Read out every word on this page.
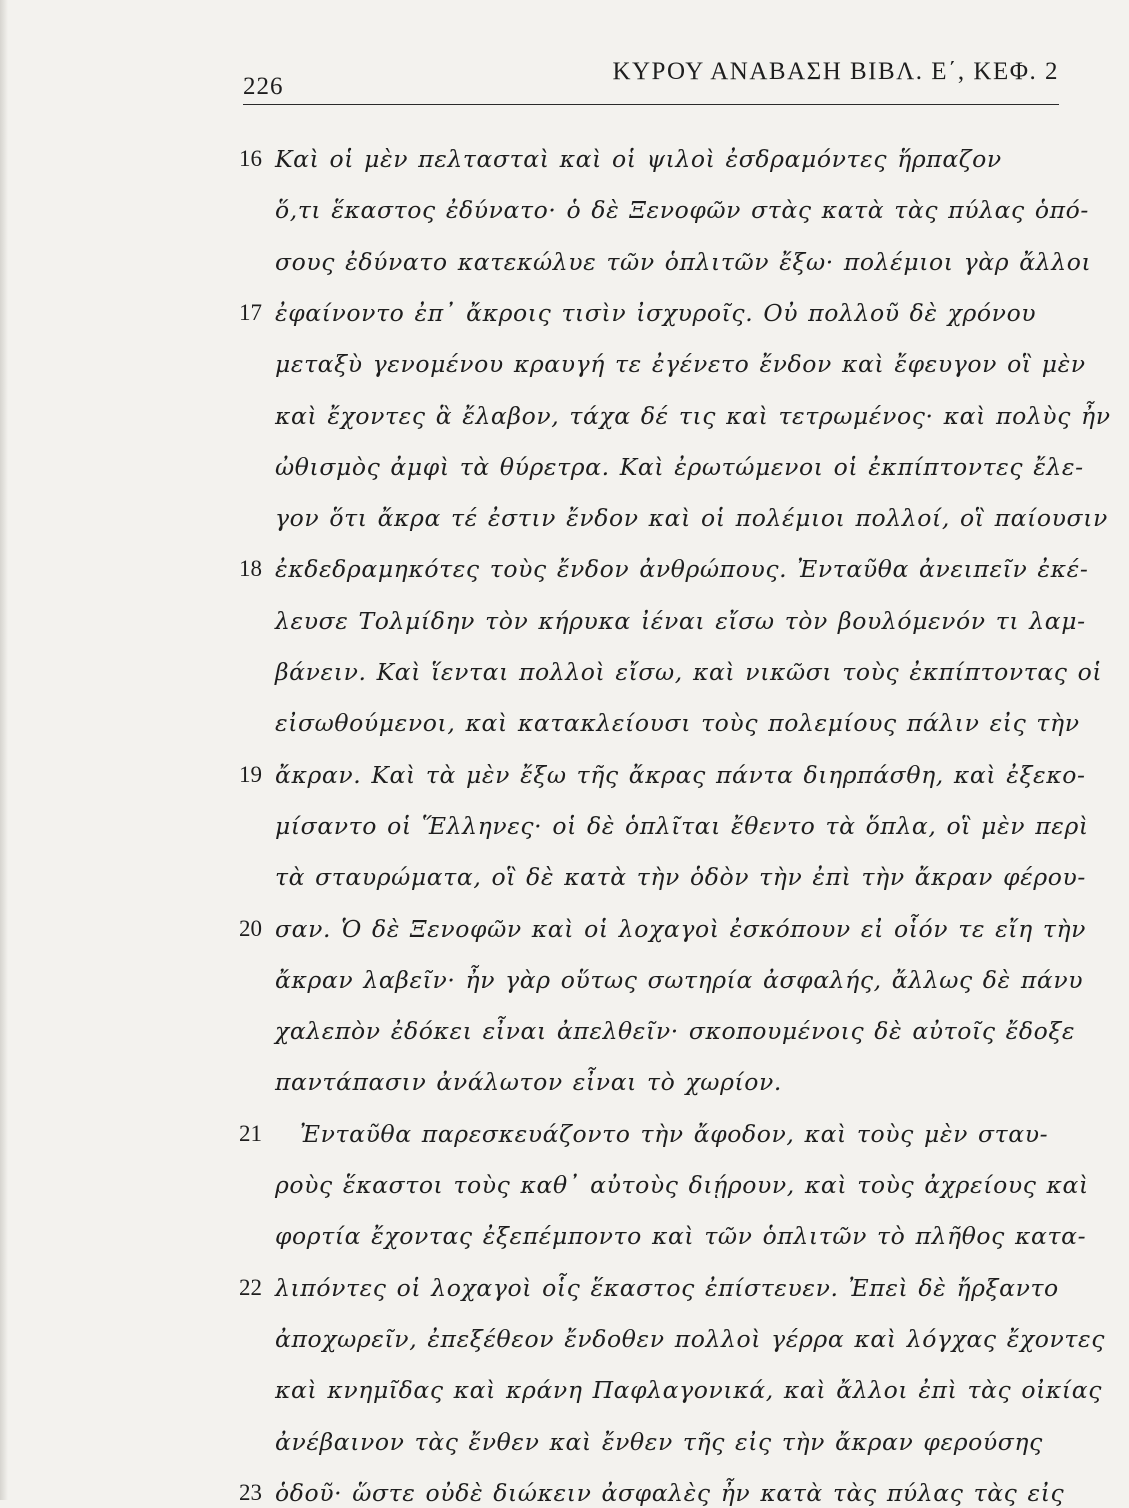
226
ΚΥΡΟΥ ΑΝΑΒΑΣΗ ΒΙΒΛ. Ε΄, ΚΕΦ. 2
16 Καὶ οἱ μὲν πελτασταὶ καὶ οἱ ψιλοὶ ἐσδραμόντες ἥρπαζον
ὅ,τι ἕκαστος ἐδύνατο· ὁ δὲ Ξενοφῶν στὰς κατὰ τὰς πύλας ὁπό-
σους ἐδύνατο κατεκώλυε τῶν ὁπλιτῶν ἔξω· πολέμιοι γὰρ ἄλλοι
17 ἐφαίνοντο ἐπ᾽ ἄκροις τισὶν ἰσχυροῖς. Οὐ πολλοῦ δὲ χρόνου
μεταξὺ γενομένου κραυγή τε ἐγένετο ἔνδον καὶ ἔφευγον οἳ μὲν
καὶ ἔχοντες ἃ ἔλαβον, τάχα δέ τις καὶ τετρωμένος· καὶ πολὺς ἦν
ὠθισμὸς ἀμφὶ τὰ θύρετρα. Καὶ ἐρωτώμενοι οἱ ἐκπίπτοντες ἔλε-
γον ὅτι ἄκρα τέ ἐστιν ἔνδον καὶ οἱ πολέμιοι πολλοί, οἳ παίουσιν
18 ἐκδεδραμηκότες τοὺς ἔνδον ἀνθρώπους. Ἐνταῦθα ἀνειπεῖν ἐκέ-
λευσε Τολμίδην τὸν κήρυκα ἰέναι εἴσω τὸν βουλόμενόν τι λαμ-
βάνειν. Καὶ ἵενται πολλοὶ εἴσω, καὶ νικῶσι τοὺς ἐκπίπτοντας οἱ
εἰσωθούμενοι, καὶ κατακλείουσι τοὺς πολεμίους πάλιν εἰς τὴν
19 ἄκραν. Καὶ τὰ μὲν ἔξω τῆς ἄκρας πάντα διηρπάσθη, καὶ ἐξεκο-
μίσαντο οἱ Ἕλληνες· οἱ δὲ ὁπλῖται ἔθεντο τὰ ὅπλα, οἳ μὲν περὶ
τὰ σταυρώματα, οἳ δὲ κατὰ τὴν ὁδὸν τὴν ἐπὶ τὴν ἄκραν φέρου-
20 σαν. Ὁ δὲ Ξενοφῶν καὶ οἱ λοχαγοὶ ἐσκόπουν εἰ οἷόν τε εἴη τὴν
ἄκραν λαβεῖν· ἦν γὰρ οὕτως σωτηρία ἀσφαλής, ἄλλως δὲ πάνυ
χαλεπὸν ἐδόκει εἶναι ἀπελθεῖν· σκοπουμένοις δὲ αὐτοῖς ἔδοξε
παντάπασιν ἀνάλωτον εἶναι τὸ χωρίον.
21 Ἐνταῦθα παρεσκευάζοντο τὴν ἄφοδον, καὶ τοὺς μὲν σταυ-
ροὺς ἕκαστοι τοὺς καθ᾽ αὐτοὺς διῄρουν, καὶ τοὺς ἀχρείους καὶ
φορτία ἔχοντας ἐξεπέμποντο καὶ τῶν ὁπλιτῶν τὸ πλῆθος κατα-
22 λιπόντες οἱ λοχαγοὶ οἷς ἕκαστος ἐπίστευεν. Ἐπεὶ δὲ ἤρξαντο
ἀποχωρεῖν, ἐπεξέθεον ἔνδοθεν πολλοὶ γέρρα καὶ λόγχας ἔχοντες
καὶ κνημῖδας καὶ κράνη Παφλαγονικά, καὶ ἄλλοι ἐπὶ τὰς οἰκίας
ἀνέβαινον τὰς ἔνθεν καὶ ἔνθεν τῆς εἰς τὴν ἄκραν φερούσης
23 ὁδοῦ· ὥστε οὐδὲ διώκειν ἀσφαλὲς ἦν κατὰ τὰς πύλας τὰς εἰς
